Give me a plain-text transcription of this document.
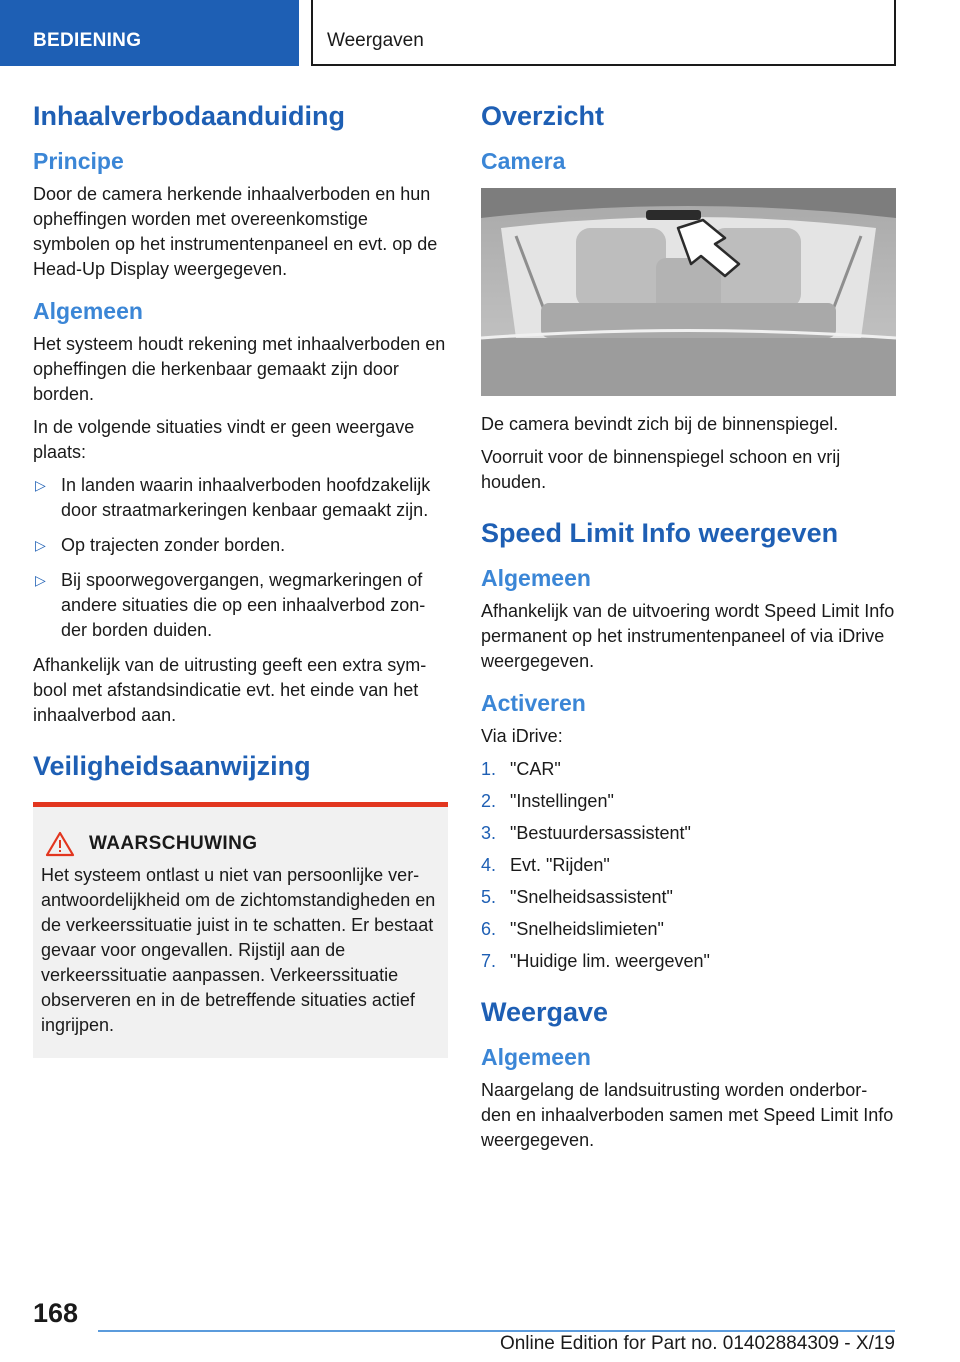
BEDIENING	Weergaven
Inhaalverbodaanduiding
Principe

Door de camera herkende inhaalverboden en hun opheffingen worden met overeenkomstige symbolen op het instrumentenpaneel en evt. op de Head-Up Display weergegeven.

Algemeen

Het systeem houdt rekening met inhaalverboden en opheffingen die herkenbaar gemaakt zijn door borden.

In de volgende situaties vindt er geen weergave plaats:

▷ In landen waarin inhaalverboden hoofdzakelijk door straatmarkeringen kenbaar gemaakt zijn.
▷ Op trajecten zonder borden.
▷ Bij spoorwegovergangen, wegmarkeringen of andere situaties die op een inhaalverbod zon-der borden duiden.

Afhankelijk van de uitrusting geeft een extra sym-bool met afstandsindicatie evt. het einde van het inhaalverbod aan.

Veiligheidsaanwijzing
WAARSCHUWING

Het systeem ontlast u niet van persoonlijke ver-antwoordelijkheid om de zichtomstandigheden en de verkeerssituatie juist in te schatten. Er bestaat gevaar voor ongevallen. Rijstijl aan de verkeerssituatie aanpassen. Verkeerssituatie observeren en in de betreffende situaties actief ingrijpen.

Overzicht
Camera

De camera bevindt zich bij de binnenspiegel.

Voorruit voor de binnenspiegel schoon en vrij houden.

Speed Limit Info weergeven
Algemeen

Afhankelijk van de uitvoering wordt Speed Limit Info permanent op het instrumentenpaneel of via iDrive weergegeven.

Activeren

Via iDrive:

1. "CAR"
2. "Instellingen"
3. "Bestuurdersassistent"
4. Evt. "Rijden"
5. "Snelheidsassistent"
6. "Snelheidslimieten"
7. "Huidige lim. weergeven"
Weergave
Algemeen

Naargelang de landsuitrusting worden onderbor-den en inhaalverboden samen met Speed Limit Info weergegeven.

168
Online Edition for Part no. 01402884309 - X/19
